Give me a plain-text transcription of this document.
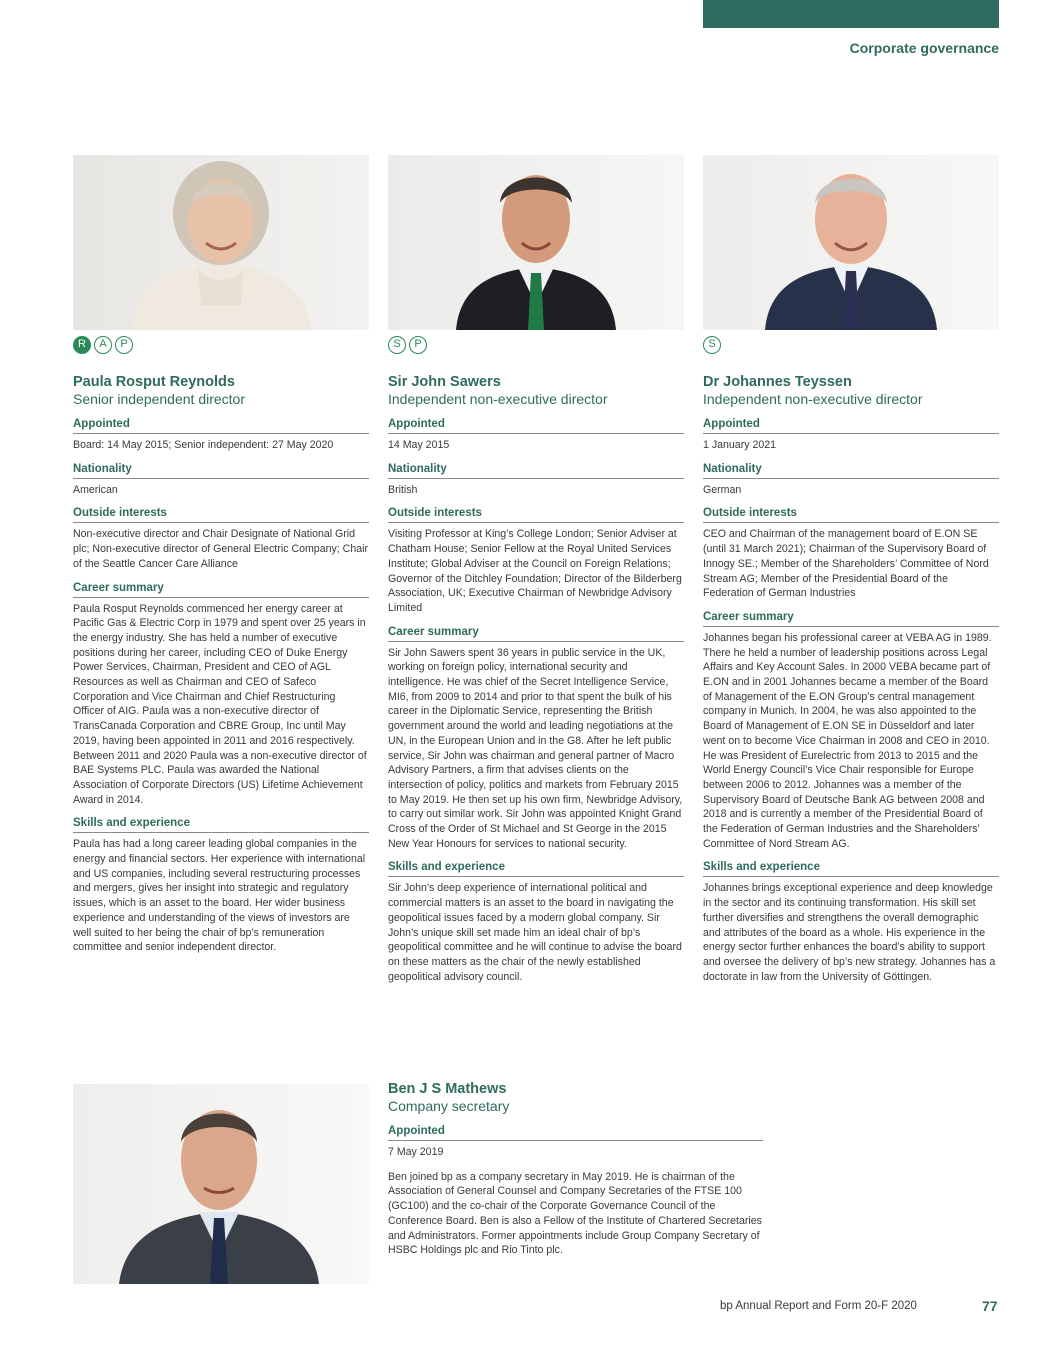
Corporate governance
R	A	P
Paula Rosput Reynolds
Senior independent director
Appointed
Board: 14 May 2015; Senior independent: 27 May 2020
Nationality
American
Outside interests
Non-executive director and Chair Designate of National Grid plc; Non-executive director of General Electric Company; Chair of the Seattle Cancer Care Alliance
Career summary
Paula Rosput Reynolds commenced her energy career at Pacific Gas & Electric Corp in 1979 and spent over 25 years in the energy industry. She has held a number of executive positions during her career, including CEO of Duke Energy Power Services, Chairman, President and CEO of AGL Resources as well as Chairman and CEO of Safeco Corporation and Vice Chairman and Chief Restructuring Officer of AIG. Paula was a non-executive director of TransCanada Corporation and CBRE Group, Inc until May 2019, having been appointed in 2011 and 2016 respectively. Between 2011 and 2020 Paula was a non-executive director of BAE Systems PLC. Paula was awarded the National Association of Corporate Directors (US) Lifetime Achievement Award in 2014.
Skills and experience
Paula has had a long career leading global companies in the energy and financial sectors. Her experience with international and US companies, including several restructuring processes and mergers, gives her insight into strategic and regulatory issues, which is an asset to the board. Her wider business experience and understanding of the views of investors are well suited to her being the chair of bp’s remuneration committee and senior independent director.
S	P
Sir John Sawers
Independent non-executive director
Appointed
14 May 2015
Nationality
British
Outside interests
Visiting Professor at King’s College London; Senior Adviser at Chatham House; Senior Fellow at the Royal United Services Institute; Global Adviser at the Council on Foreign Relations; Governor of the Ditchley Foundation; Director of the Bilderberg Association, UK; Executive Chairman of Newbridge Advisory Limited
Career summary
Sir John Sawers spent 36 years in public service in the UK, working on foreign policy, international security and intelligence. He was chief of the Secret Intelligence Service, MI6, from 2009 to 2014 and prior to that spent the bulk of his career in the Diplomatic Service, representing the British government around the world and leading negotiations at the UN, in the European Union and in the G8. After he left public service, Sir John was chairman and general partner of Macro Advisory Partners, a firm that advises clients on the intersection of policy, politics and markets from February 2015 to May 2019. He then set up his own firm, Newbridge Advisory, to carry out similar work. Sir John was appointed Knight Grand Cross of the Order of St Michael and St George in the 2015 New Year Honours for services to national security.
Skills and experience
Sir John’s deep experience of international political and commercial matters is an asset to the board in navigating the geopolitical issues faced by a modern global company. Sir John’s unique skill set made him an ideal chair of bp’s geopolitical committee and he will continue to advise the board on these matters as the chair of the newly established geopolitical advisory council.
S
Dr Johannes Teyssen
Independent non-executive director
Appointed
1 January 2021
Nationality
German
Outside interests
CEO and Chairman of the management board of E.ON SE (until 31 March 2021); Chairman of the Supervisory Board of Innogy SE.; Member of the Shareholders’ Committee of Nord Stream AG; Member of the Presidential Board of the Federation of German Industries
Career summary
Johannes began his professional career at VEBA AG in 1989. There he held a number of leadership positions across Legal Affairs and Key Account Sales. In 2000 VEBA became part of E.ON and in 2001 Johannes became a member of the Board of Management of the E.ON Group’s central management company in Munich. In 2004, he was also appointed to the Board of Management of E.ON SE in Düsseldorf and later went on to become Vice Chairman in 2008 and CEO in 2010. He was President of Eurelectric from 2013 to 2015 and the World Energy Council’s Vice Chair responsible for Europe between 2006 to 2012. Johannes was a member of the Supervisory Board of Deutsche Bank AG between 2008 and 2018 and is currently a member of the Presidential Board of the Federation of German Industries and the Shareholders’ Committee of Nord Stream AG.
Skills and experience
Johannes brings exceptional experience and deep knowledge in the sector and its continuing transformation. His skill set further diversifies and strengthens the overall demographic and attributes of the board as a whole. His experience in the energy sector further enhances the board’s ability to support and oversee the delivery of bp’s new strategy. Johannes has a doctorate in law from the University of Göttingen.
Ben J S Mathews
Company secretary
Appointed
7 May 2019
Ben joined bp as a company secretary in May 2019. He is chairman of the Association of General Counsel and Company Secretaries of the FTSE 100 (GC100) and the co-chair of the Corporate Governance Council of the Conference Board. Ben is also a Fellow of the Institute of Chartered Secretaries and Administrators. Former appointments include Group Company Secretary of HSBC Holdings plc and Rio Tinto plc.
bp Annual Report and Form 20-F 2020	77
